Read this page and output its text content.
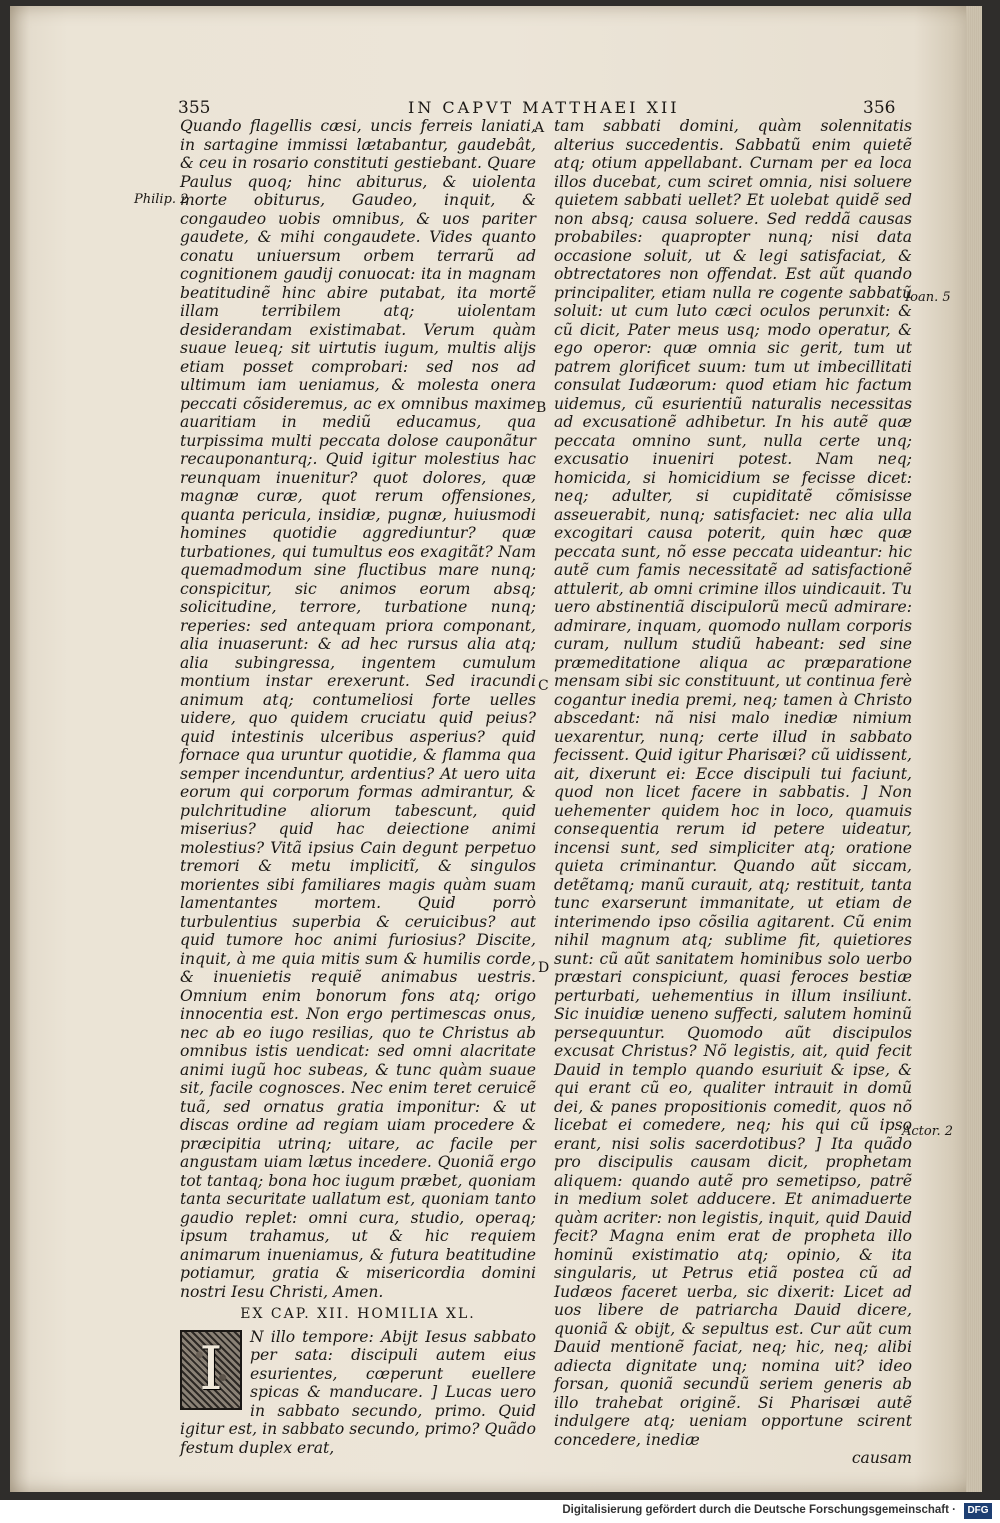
355	IN CAPVT MATTHAEI XII	356

Quando flagellis cæsi, uncis ferreis laniati, in sartagine immissi lætabantur, gaudebât, & ceu in rosario constituti gestiebant. Quare Paulus quoq; hinc abiturus, & uiolenta morte obiturus, Gaudeo, inquit, & congaudeo uobis omnibus, & uos pariter gaudete, & mihi congaudete. Vides quanto conatu uniuersum orbem terrarũ ad cognitionem gaudij conuocat: ita in magnam beatitudinẽ hinc abire putabat, ita mortẽ illam terribilem atq; uiolentam desiderandam existimabat. Verum quàm suaue leueq; sit uirtutis iugum, multis alijs etiam posset comprobari: sed nos ad ultimum iam ueniamus, & molesta onera peccati cõsideremus, ac ex omnibus maxime auaritiam in mediũ educamus, qua turpissima multi peccata dolose cauponãtur recauponanturq;. Quid igitur molestius hac reunquam inuenitur? quot dolores, quæ magnæ curæ, quot rerum offensiones, quanta pericula, insidiæ, pugnæ, huiusmodi homines quotidie aggrediuntur? quæ turbationes, qui tumultus eos exagitãt? Nam quemadmodum sine fluctibus mare nunq; conspicitur, sic animos eorum absq; solicitudine, terrore, turbatione nunq; reperies: sed antequam priora componant, alia inuaserunt: & ad hec rursus alia atq; alia subingressa, ingentem cumulum montium instar erexerunt. Sed iracundi animum atq; contumeliosi forte uelles uidere, quo quidem cruciatu quid peius? quid intestinis ulceribus asperius? quid fornace qua uruntur quotidie, & flamma qua semper incenduntur, ardentius? At uero uita eorum qui corporum formas admirantur, & pulchritudine aliorum tabescunt, quid miserius? quid hac deiectione animi molestius? Vitã ipsius Cain degunt perpetuo tremori & metu implicitĩ, & singulos morientes sibi familiares magis quàm suam lamentantes mortem. Quid porrò turbulentius superbia & ceruicibus? aut quid tumore hoc animi furiosius? Discite, inquit, à me quia mitis sum & humilis corde, & inuenietis requiẽ animabus uestris. Omnium enim bonorum fons atq; origo innocentia est. Non ergo pertimescas onus, nec ab eo iugo resilias, quo te Christus ab omnibus istis uendicat: sed omni alacritate animi iugũ hoc subeas, & tunc quàm suaue sit, facile cognosces. Nec enim teret ceruicẽ tuã, sed ornatus gratia imponitur: & ut discas ordine ad regiam uiam procedere & præcipitia utrinq; uitare, ac facile per angustam uiam lætus incedere. Quoniã ergo tot tantaq; bona hoc iugum præbet, quoniam tanta securitate uallatum est, quoniam tanto gaudio replet: omni cura, studio, operaq; ipsum trahamus, ut & hic requiem animarum inueniamus, & futura beatitudine potiamur, gratia & misericordia domini nostri Iesu Christi, Amen.

EX CAP. XII. HOMILIA XL.
I	N illo tempore: Abijt Iesus sabbato per sata: discipuli autem eius esurientes, cœperunt euellere spicas & manducare. ] Lucas uero in sabbato secundo, primo. Quid igitur est, in sabbato secundo, primo? Quãdo festum duplex erat,

tam sabbati domini, quàm solennitatis alterius succedentis. Sabbatũ enim quietẽ atq; otium appellabant. Curnam per ea loca illos ducebat, cum sciret omnia, nisi soluere quietem sabbati uellet? Et uolebat quidẽ sed non absq; causa soluere. Sed reddã causas probabiles: quapropter nunq; nisi data occasione soluit, ut & legi satisfaciat, & obtrectatores non offendat. Est aũt quando principaliter, etiam nulla re cogente sabbatũ soluit: ut cum luto cæci oculos perunxit: & cũ dicit, Pater meus usq; modo operatur, & ego operor: quæ omnia sic gerit, tum ut patrem glorificet suum: tum ut imbecillitati consulat Iudæorum: quod etiam hic factum uidemus, cũ esurientiũ naturalis necessitas ad excusationẽ adhibetur. In his autẽ quæ peccata omnino sunt, nulla certe unq; excusatio inueniri potest. Nam neq; homicida, si homicidium se fecisse dicet: neq; adulter, si cupiditatẽ cõmisisse asseuerabit, nunq; satisfaciet: nec alia ulla excogitari causa poterit, quin hæc quæ peccata sunt, nõ esse peccata uideantur: hic autẽ cum famis necessitatẽ ad satisfactionẽ attulerit, ab omni crimine illos uindicauit. Tu uero abstinentiã discipulorũ mecũ admirare: admirare, inquam, quomodo nullam corporis curam, nullum studiũ habeant: sed sine præmeditatione aliqua ac præparatione mensam sibi sic constituunt, ut continua ferè cogantur inedia premi, neq; tamen à Christo abscedant: nã nisi malo inediæ nimium uexarentur, nunq; certe illud in sabbato fecissent. Quid igitur Pharisæi? cũ uidissent, ait, dixerunt ei: Ecce discipuli tui faciunt, quod non licet facere in sabbatis. ] Non uehementer quidem hoc in loco, quamuis consequentia rerum id petere uideatur, incensi sunt, sed simpliciter atq; oratione quieta criminantur. Quando aũt siccam, detẽtamq; manũ curauit, atq; restituit, tanta tunc exarserunt immanitate, ut etiam de interimendo ipso cõsilia agitarent. Cũ enim nihil magnum atq; sublime fit, quietiores sunt: cũ aũt sanitatem hominibus solo uerbo præstari conspiciunt, quasi feroces bestiæ perturbati, uehementius in illum insiliunt. Sic inuidiæ ueneno suffecti, salutem hominũ persequuntur. Quomodo aũt discipulos excusat Christus? Nõ legistis, ait, quid fecit Dauid in templo quando esuriuit & ipse, & qui erant cũ eo, qualiter intrauit in domũ dei, & panes propositionis comedit, quos nõ licebat ei comedere, neq; his qui cũ ipso erant, nisi solis sacerdotibus? ] Ita quãdo pro discipulis causam dicit, prophetam aliquem: quando autẽ pro semetipso, patrẽ in medium solet adducere. Et animaduerte quàm acriter: non legistis, inquit, quid Dauid fecit? Magna enim erat de propheta illo hominũ existimatio atq; opinio, & ita singularis, ut Petrus etiã postea cũ ad Iudæos faceret uerba, sic dixerit: Licet ad uos libere de patriarcha Dauid dicere, quoniã & obijt, & sepultus est. Cur aũt cum Dauid mentionẽ faciat, neq; hic, neq; alibi adiecta dignitate unq; nomina uit? ideo forsan, quoniã secundũ seriem generis ab illo trahebat originẽ. Si Pharisæi autẽ indulgere atq; ueniam opportune scirent concedere, inediæ

causam

A
B
C
D
Philip. 2
Ioan. 5
Actor. 2
Digitalisierung gefördert durch die Deutsche Forschungsgemeinschaft ·	DFG
